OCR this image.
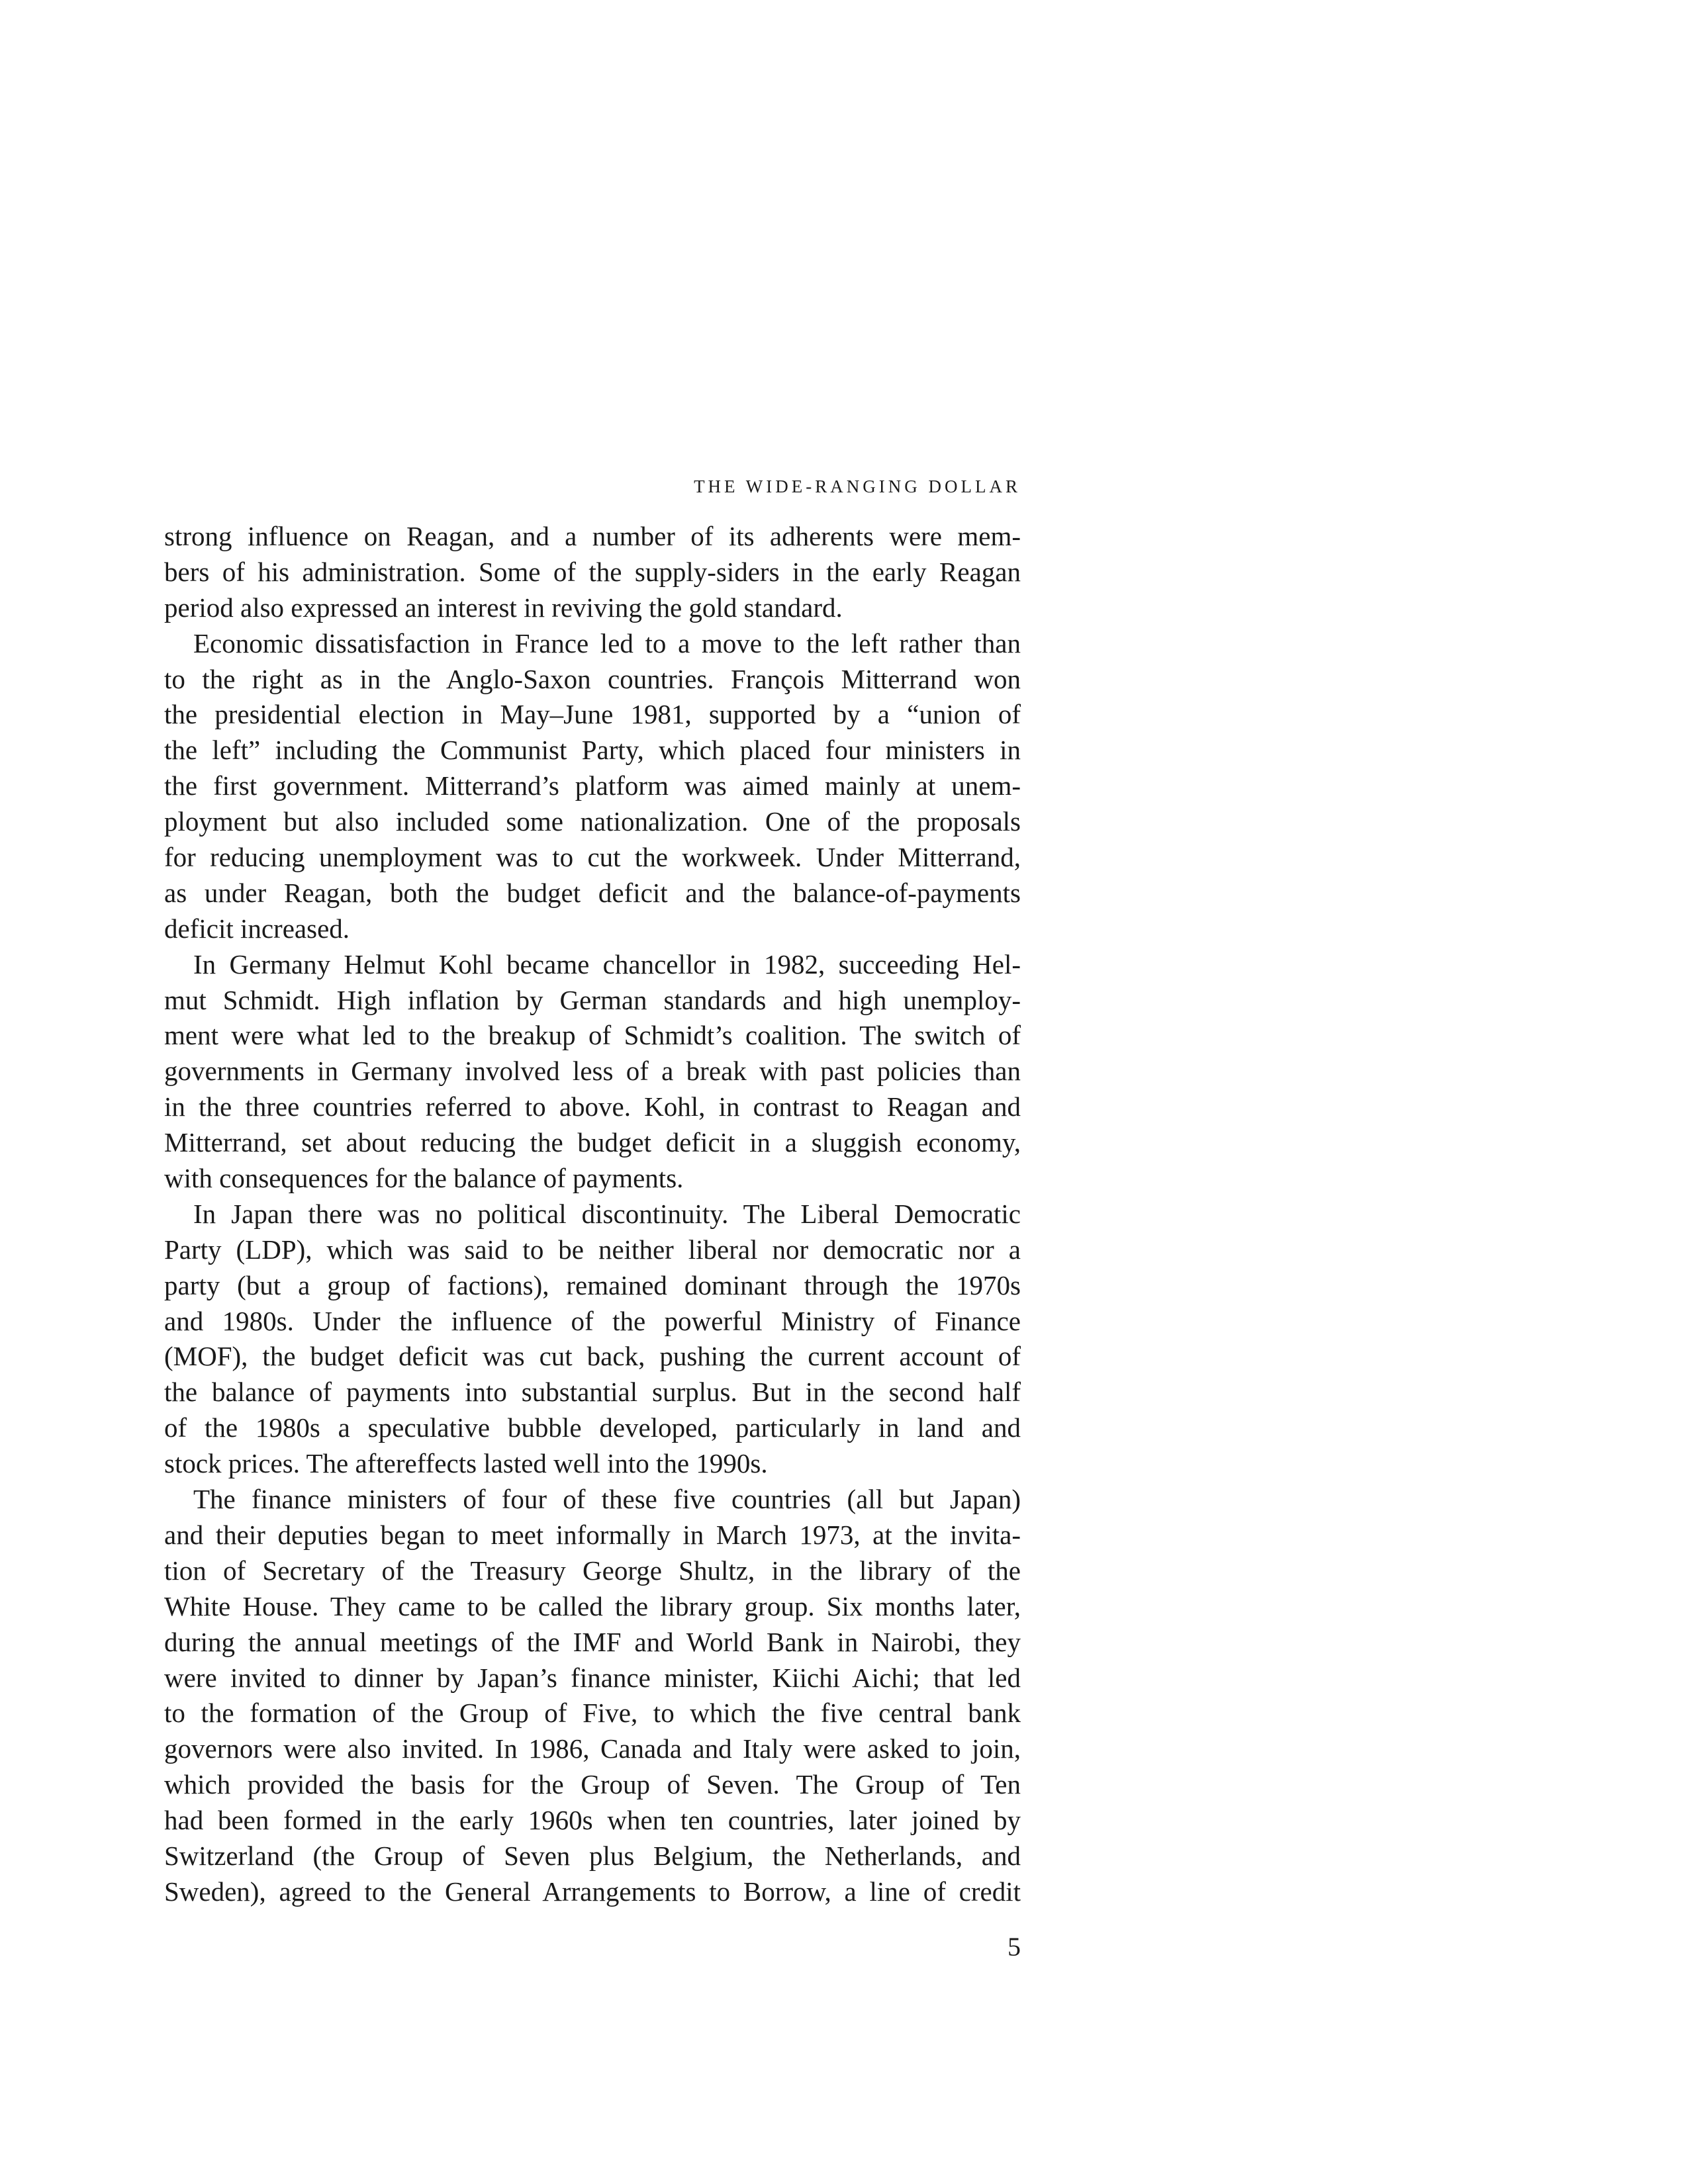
THE WIDE-RANGING DOLLAR
strong influence on Reagan, and a number of its adherents were mem-
bers of his administration. Some of the supply-siders in the early Reagan
period also expressed an interest in reviving the gold standard.
Economic dissatisfaction in France led to a move to the left rather than
to the right as in the Anglo-Saxon countries. François Mitterrand won
the presidential election in May–June 1981, supported by a “union of
the left” including the Communist Party, which placed four ministers in
the first government. Mitterrand’s platform was aimed mainly at unem-
ployment but also included some nationalization. One of the proposals
for reducing unemployment was to cut the workweek. Under Mitterrand,
as under Reagan, both the budget deficit and the balance-of-payments
deficit increased.
In Germany Helmut Kohl became chancellor in 1982, succeeding Hel-
mut Schmidt. High inflation by German standards and high unemploy-
ment were what led to the breakup of Schmidt’s coalition. The switch of
governments in Germany involved less of a break with past policies than
in the three countries referred to above. Kohl, in contrast to Reagan and
Mitterrand, set about reducing the budget deficit in a sluggish economy,
with consequences for the balance of payments.
In Japan there was no political discontinuity. The Liberal Democratic
Party (LDP), which was said to be neither liberal nor democratic nor a
party (but a group of factions), remained dominant through the 1970s
and 1980s. Under the influence of the powerful Ministry of Finance
(MOF), the budget deficit was cut back, pushing the current account of
the balance of payments into substantial surplus. But in the second half
of the 1980s a speculative bubble developed, particularly in land and
stock prices. The aftereffects lasted well into the 1990s.
The finance ministers of four of these five countries (all but Japan)
and their deputies began to meet informally in March 1973, at the invita-
tion of Secretary of the Treasury George Shultz, in the library of the
White House. They came to be called the library group. Six months later,
during the annual meetings of the IMF and World Bank in Nairobi, they
were invited to dinner by Japan’s finance minister, Kiichi Aichi; that led
to the formation of the Group of Five, to which the five central bank
governors were also invited. In 1986, Canada and Italy were asked to join,
which provided the basis for the Group of Seven. The Group of Ten
had been formed in the early 1960s when ten countries, later joined by
Switzerland (the Group of Seven plus Belgium, the Netherlands, and
Sweden), agreed to the General Arrangements to Borrow, a line of credit
5
